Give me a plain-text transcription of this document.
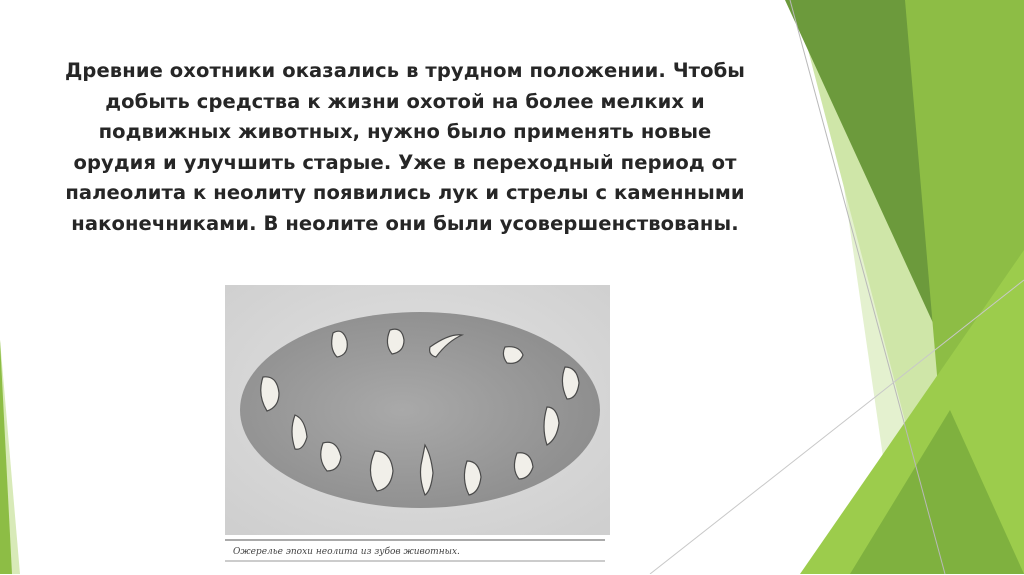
Древние охотники оказались в трудном положении. Чтобы добыть средства к жизни охотой на более мелких и подвижных животных, нужно было применять новые орудия и улучшить старые. Уже в переходный период от палеолита к неолиту появились лук и стрелы с каменными наконечниками. В неолите они были усовершенствованы.
Ожерелье эпохи неолита из зубов животных.
